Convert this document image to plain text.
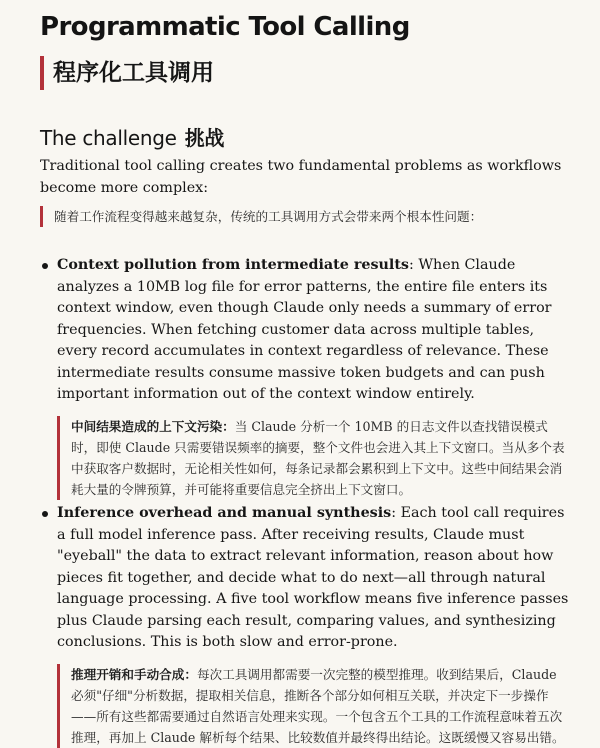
Programmatic Tool Calling
程序化工具调用
The challenge 挑战

Traditional tool calling creates two fundamental problems as workflows become more complex:

随着工作流程变得越来越复杂，传统的工具调用方式会带来两个根本性问题：
Context pollution from intermediate results: When Claude analyzes a 10MB log file for error patterns, the entire file enters its context window, even though Claude only needs a summary of error frequencies. When fetching customer data across multiple tables, every record accumulates in context regardless of relevance. These intermediate results consume massive token budgets and can push important information out of the context window entirely.
中间结果造成的上下文污染：当 Claude 分析一个 10MB 的日志文件以查找错误模式时，即使 Claude 只需要错误频率的摘要，整个文件也会进入其上下文窗口。当从多个表中获取客户数据时，无论相关性如何，每条记录都会累积到上下文中。这些中间结果会消耗大量的令牌预算，并可能将重要信息完全挤出上下文窗口。
Inference overhead and manual synthesis: Each tool call requires a full model inference pass. After receiving results, Claude must "eyeball" the data to extract relevant information, reason about how pieces fit together, and decide what to do next—all through natural language processing. A five tool workflow means five inference passes plus Claude parsing each result, comparing values, and synthesizing conclusions. This is both slow and error-prone.
推理开销和手动合成：每次工具调用都需要一次完整的模型推理。收到结果后，Claude 必须"仔细"分析数据，提取相关信息，推断各个部分如何相互关联，并决定下一步操作——所有这些都需要通过自然语言处理来实现。一个包含五个工具的工作流程意味着五次推理，再加上 Claude 解析每个结果、比较数值并最终得出结论。这既缓慢又容易出错。
